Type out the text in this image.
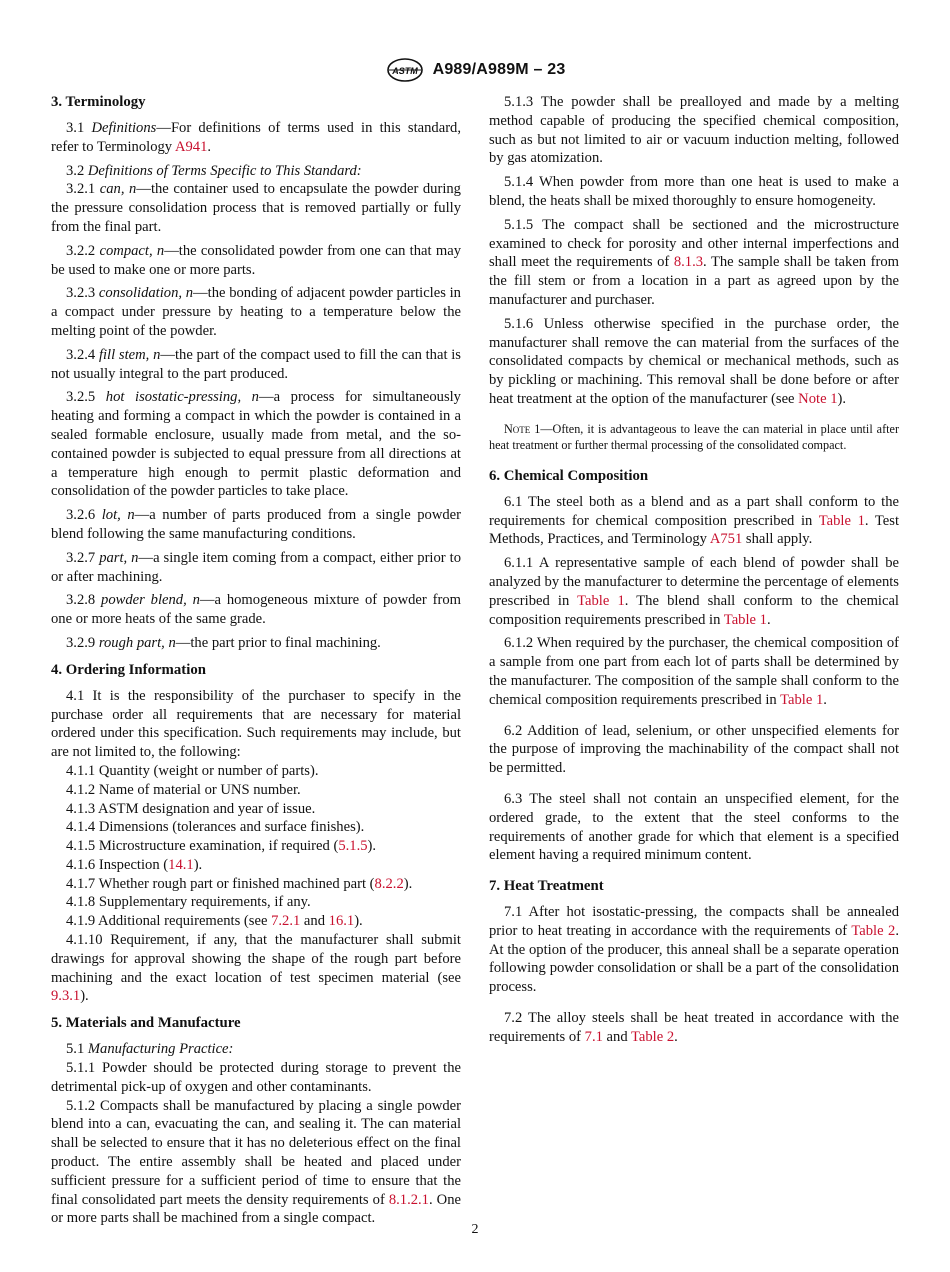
ASTM A989/A989M – 23
3. Terminology

3.1 Definitions—For definitions of terms used in this standard, refer to Terminology A941.

3.2 Definitions of Terms Specific to This Standard:

3.2.1 can, n—the container used to encapsulate the powder during the pressure consolidation process that is removed partially or fully from the final part.

3.2.2 compact, n—the consolidated powder from one can that may be used to make one or more parts.

3.2.3 consolidation, n—the bonding of adjacent powder particles in a compact under pressure by heating to a temperature below the melting point of the powder.

3.2.4 fill stem, n—the part of the compact used to fill the can that is not usually integral to the part produced.

3.2.5 hot isostatic-pressing, n—a process for simultaneously heating and forming a compact in which the powder is contained in a sealed formable enclosure, usually made from metal, and the so-contained powder is subjected to equal pressure from all directions at a temperature high enough to permit plastic deformation and consolidation of the powder particles to take place.

3.2.6 lot, n—a number of parts produced from a single powder blend following the same manufacturing conditions.

3.2.7 part, n—a single item coming from a compact, either prior to or after machining.

3.2.8 powder blend, n—a homogeneous mixture of powder from one or more heats of the same grade.

3.2.9 rough part, n—the part prior to final machining.

4. Ordering Information

4.1 It is the responsibility of the purchaser to specify in the purchase order all requirements that are necessary for material ordered under this specification. Such requirements may include, but are not limited to, the following:

4.1.1 Quantity (weight or number of parts).

4.1.2 Name of material or UNS number.

4.1.3 ASTM designation and year of issue.

4.1.4 Dimensions (tolerances and surface finishes).

4.1.5 Microstructure examination, if required (5.1.5).

4.1.6 Inspection (14.1).

4.1.7 Whether rough part or finished machined part (8.2.2).

4.1.8 Supplementary requirements, if any.

4.1.9 Additional requirements (see 7.2.1 and 16.1).

4.1.10 Requirement, if any, that the manufacturer shall submit drawings for approval showing the shape of the rough part before machining and the exact location of test specimen material (see 9.3.1).

5. Materials and Manufacture

5.1 Manufacturing Practice:

5.1.1 Powder should be protected during storage to prevent the detrimental pick-up of oxygen and other contaminants.

5.1.2 Compacts shall be manufactured by placing a single powder blend into a can, evacuating the can, and sealing it. The can material shall be selected to ensure that it has no deleterious effect on the final product. The entire assembly shall be heated and placed under sufficient pressure for a sufficient period of time to ensure that the final consolidated part meets the density requirements of 8.1.2.1. One or more parts shall be machined from a single compact.

5.1.3 The powder shall be prealloyed and made by a melting method capable of producing the specified chemical composition, such as but not limited to air or vacuum induction melting, followed by gas atomization.

5.1.4 When powder from more than one heat is used to make a blend, the heats shall be mixed thoroughly to ensure homogeneity.

5.1.5 The compact shall be sectioned and the microstructure examined to check for porosity and other internal imperfections and shall meet the requirements of 8.1.3. The sample shall be taken from the fill stem or from a location in a part as agreed upon by the manufacturer and purchaser.

5.1.6 Unless otherwise specified in the purchase order, the manufacturer shall remove the can material from the surfaces of the consolidated compacts by chemical or mechanical methods, such as by pickling or machining. This removal shall be done before or after heat treatment at the option of the manufacturer (see Note 1).

Note 1—Often, it is advantageous to leave the can material in place until after heat treatment or further thermal processing of the consolidated compact.

6. Chemical Composition

6.1 The steel both as a blend and as a part shall conform to the requirements for chemical composition prescribed in Table 1. Test Methods, Practices, and Terminology A751 shall apply.

6.1.1 A representative sample of each blend of powder shall be analyzed by the manufacturer to determine the percentage of elements prescribed in Table 1. The blend shall conform to the chemical composition requirements prescribed in Table 1.

6.1.2 When required by the purchaser, the chemical composition of a sample from one part from each lot of parts shall be determined by the manufacturer. The composition of the sample shall conform to the chemical composition requirements prescribed in Table 1.

6.2 Addition of lead, selenium, or other unspecified elements for the purpose of improving the machinability of the compact shall not be permitted.

6.3 The steel shall not contain an unspecified element, for the ordered grade, to the extent that the steel conforms to the requirements of another grade for which that element is a specified element having a required minimum content.

7. Heat Treatment

7.1 After hot isostatic-pressing, the compacts shall be annealed prior to heat treating in accordance with the requirements of Table 2. At the option of the producer, this anneal shall be a separate operation following powder consolidation or shall be a part of the consolidation process.

7.2 The alloy steels shall be heat treated in accordance with the requirements of 7.1 and Table 2.

2
